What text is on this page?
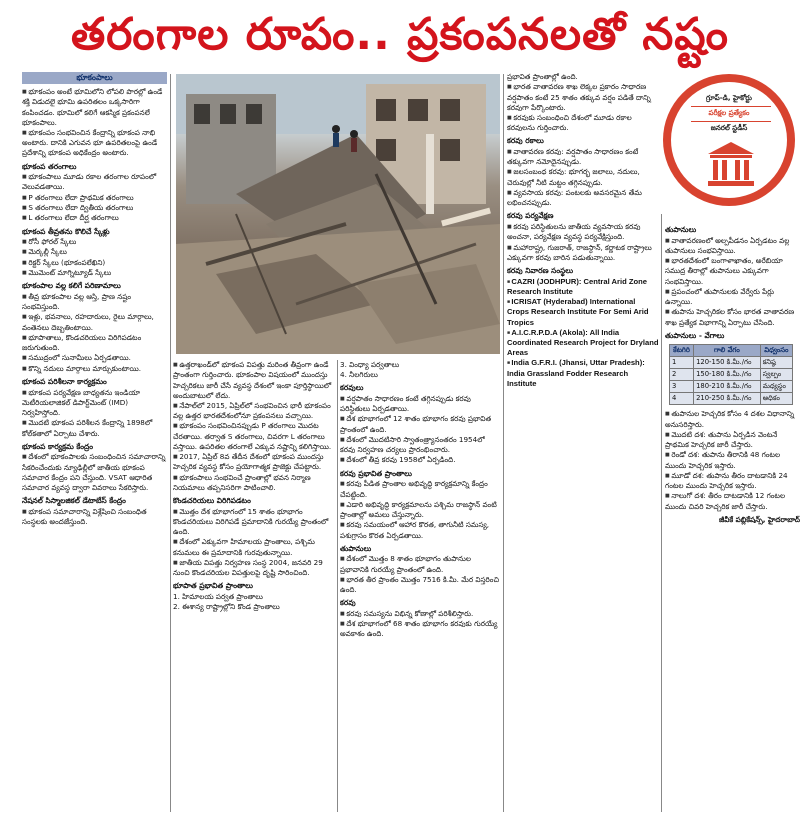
తరంగాల రూపం.. ప్రకంపనలతో నష్టం
భూకంపాలు

■ భూకంపం అంటే భూమిలోని లోపలి పొరల్లో ఉండే శక్తి విడుదలై భూమి ఉపరితలం ఒక్కసారిగా కంపించడం. భూమిలో కలిగే ఆకస్మిక ప్రకంపనలే భూకంపాలు.

■ భూకంపం సంభవించిన కేంద్రాన్ని భూకంప నాభి అంటారు. దానికి ఎగువన భూ ఉపరితలంపై ఉండే ప్రదేశాన్ని భూకంప అధికేంద్రం అంటారు.

భూకంప తరంగాలు

■ భూకంపాలు మూడు రకాల తరంగాల రూపంలో వెలువడతాయి.

■ P తరంగాలు లేదా ప్రాథమిక తరంగాలు

■ S తరంగాలు లేదా ద్వితీయ తరంగాలు

■ L తరంగాలు లేదా దీర్ఘ తరంగాలు

భూకంప తీవ్రతను కొలిచే స్కేళ్లు

■ రోసీ ఫోరల్ స్కేలు

■ మెర్కల్లీ స్కేలు

■ రిక్టర్ స్కేలు (భూకంపలేఖిని)

■ మొమెంట్ మాగ్నిట్యూడ్ స్కేలు

భూకంపాల వల్ల కలిగే పరిణామాలు

■ తీవ్ర భూకంపాల వల్ల ఆస్తి, ప్రాణ నష్టం సంభవిస్తుంది.

■ ఇళ్లు, భవనాలు, రహదారులు, రైలు మార్గాలు, వంతెనలు దెబ్బతింటాయి.

■ భూపాతాలు, కొండచరియలు విరిగిపడటం జరుగుతుంది.

■ సముద్రంలో సునామీలు ఏర్పడతాయి.

■ కొన్ని నదులు మార్గాలు మార్చుకుంటాయి.

భూకంప పరిశీలనా కార్యక్రమం

■ భూకంప పర్యవేక్షణ బాధ్యతను ఇండియా మెటీరియలాజికల్ డిపార్ట్‌మెంట్ (IMD) నిర్వహిస్తోంది.

■ మొదటి భూకంప పరిశీలన కేంద్రాన్ని 1898లో కోల్‌కతాలో ఏర్పాటు చేశారు.

భూకంప కార్యక్రమ కేంద్రం

■ దేశంలో భూకంపాలకు సంబంధించిన సమాచారాన్ని సేకరించేందుకు న్యూఢిల్లీలో జాతీయ భూకంప సమాచార కేంద్రం పని చేస్తుంది. VSAT ఆధారిత సమాచార వ్యవస్థ ద్వారా వివరాలు సేకరిస్తారు.

నేషనల్ సిస్మాలజికల్ డేటాబేస్ కేంద్రం

■ భూకంప సమాచారాన్ని విశ్లేషించి సంబంధిత సంస్థలకు అందజేస్తుంది.

■ ఉత్తరాఖండ్‌లో భూకంప విపత్తు మరింత తీవ్రంగా ఉండే ప్రాంతంగా గుర్తించారు. భూకంపాల విషయంలో ముందస్తు హెచ్చరికలు జారీ చేసే వ్యవస్థ దేశంలో ఇంకా పూర్తిస్థాయిలో అందుబాటులో లేదు.

■ నేపాల్‌లో 2015, ఏప్రిల్‌లో సంభవించిన భారీ భూకంపం వల్ల ఉత్తర భారతదేశంలోనూ ప్రకంపనలు వచ్చాయి.

■ భూకంపం సంభవించినప్పుడు P తరంగాలు మొదట చేరతాయి. తర్వాత S తరంగాలు, చివరగా L తరంగాలు వస్తాయి. ఉపరితల తరంగాలే ఎక్కువ నష్టాన్ని కలిగిస్తాయి.

■ 2017, ఏప్రిల్ 8వ తేదీన దేశంలో భూకంప ముందస్తు హెచ్చరిక వ్యవస్థ కోసం ప్రయోగాత్మక ప్రాజెక్టు చేపట్టారు.

■ భూకంపాలు సంభవించే ప్రాంతాల్లో భవన నిర్మాణ నియమాలు తప్పనిసరిగా పాటించాలి.

కొండచరియలు విరిగిపడటం

■ మొత్తం దేశ భూభాగంలో 15 శాతం భూభాగం కొండచరియలు విరిగిపడే ప్రమాదానికి గురయ్యే ప్రాంతంలో ఉంది.

■ దేశంలో ఎక్కువగా హిమాలయ ప్రాంతాలు, పశ్చిమ కనుమలు ఈ ప్రమాదానికి గురవుతున్నాయి.

■ జాతీయ విపత్తు నిర్వహణ సంస్థ 2004, జనవరి 29 నుంచి కొండచరియల విపత్తులపై దృష్టి సారించింది.

భూపాత ప్రభావిత ప్రాంతాలు

1. హిమాలయ పర్వత ప్రాంతాలు

2. ఈశాన్య రాష్ట్రాల్లోని కొండ ప్రాంతాలు

3. వింధ్యా పర్వతాలు

4. నీలగిరులు

కరవులు

■ వర్షపాతం సాధారణం కంటే తగ్గినప్పుడు కరవు పరిస్థితులు ఏర్పడతాయి.

■ దేశ భూభాగంలో 12 శాతం భూభాగం కరవు ప్రభావిత ప్రాంతంలో ఉంది.

■ దేశంలో మొదటిసారి స్వాతంత్ర్యానంతరం 1954లో కరవు నిర్వహణ చర్యలు ప్రారంభించారు.

■ దేశంలో తీవ్ర కరవు 1958లో ఏర్పడింది.

కరవు ప్రభావిత ప్రాంతాలు

■ కరవు పీడిత ప్రాంతాల అభివృద్ధి కార్యక్రమాన్ని కేంద్రం చేపట్టింది.

■ ఎడారి అభివృద్ధి కార్యక్రమాలను పశ్చిమ రాజస్థాన్ వంటి ప్రాంతాల్లో అమలు చేస్తున్నారు.

■ కరవు సమయంలో ఆహార కొరత, తాగునీటి సమస్య, పశుగ్రాసం కొరత ఏర్పడతాయి.

తుపానులు

■ దేశంలో మొత్తం 8 శాతం భూభాగం తుపానుల ప్రభావానికి గురయ్యే ప్రాంతంలో ఉంది.

■ భారత తీర ప్రాంతం మొత్తం 7516 కి.మీ. మేర విస్తరించి ఉంది.

కరవు

■ కరవు సమస్యను విభిన్న కోణాల్లో పరిశీలిస్తారు.

■ దేశ భూభాగంలో 68 శాతం భూభాగం కరవుకు గురయ్యే అవకాశం ఉంది.

ప్రభావిత ప్రాంతాల్లో ఉంది.

■ భారత వాతావరణ శాఖ లెక్కల ప్రకారం సాధారణ వర్షపాతం కంటే 25 శాతం తక్కువ వర్షం పడితే దాన్ని కరవుగా పేర్కొంటారు.

■ కరవుకు సంబంధించి దేశంలో మూడు రకాల కరవులను గుర్తించారు.

కరవు రకాలు

■ వాతావరణ కరవు: వర్షపాతం సాధారణం కంటే తక్కువగా నమోదైనప్పుడు.

■ జలసంబంధ కరవు: భూగర్భ జలాలు, నదులు, చెరువుల్లో నీటి మట్టం తగ్గినప్పుడు.

■ వ్యవసాయ కరవు: పంటలకు అవసరమైన తేమ లభించనప్పుడు.

కరవు పర్యవేక్షణ

■ కరవు పరిస్థితులను జాతీయ వ్యవసాయ కరవు అంచనా, పర్యవేక్షణ వ్యవస్థ పర్యవేక్షిస్తుంది.

■ మహారాష్ట్ర, గుజరాత్, రాజస్థాన్, కర్ణాటక రాష్ట్రాలు ఎక్కువగా కరవు బారిన పడుతున్నాయి.

కరవు నివారణ సంస్థలు

■ CAZRI (JODHPUR): Central Arid Zone Research Institute

■ ICRISAT (Hyderabad) International Crops Research Institute For Semi Arid Tropics

■ A.I.C.R.P.D.A (Akola): All India Coordinated Research Project for Dryland Areas

■ India G.F.R.I. (Jhansi, Uttar Pradesh): India Grassland Fodder Research Institute

గ్రూప్-డి, హైకోర్టు
పరీక్షల ప్రత్యేకం
జనరల్ స్టడీస్
తుపానులు

■ వాతావరణంలో అల్పపీడనం ఏర్పడటం వల్ల తుపానులు సంభవిస్తాయి.

■ భారతదేశంలో బంగాళాఖాతం, అరేబియా సముద్ర తీరాల్లో తుపానులు ఎక్కువగా సంభవిస్తాయి.

■ ప్రపంచంలో తుపానులకు వేర్వేరు పేర్లు ఉన్నాయి.

■ తుపాను హెచ్చరికల కోసం భారత వాతావరణ శాఖ ప్రత్యేక విభాగాన్ని ఏర్పాటు చేసింది.

తుపానులు - వేగాలు
కేటగిరి	గాలి వేగం	విధ్వంసం
1	120-150 కి.మీ./గం	కనిష్ఠ
2	150-180 కి.మీ./గం	స్వల్పం
3	180-210 కి.మీ./గం	మధ్యస్థం
4	210-250 కి.మీ./గం	అధికం

■ తుపానుల హెచ్చరిక కోసం 4 దశల విధానాన్ని అనుసరిస్తారు.

■ మొదటి దశ: తుపాను ఏర్పడిన వెంటనే ప్రాథమిక హెచ్చరిక జారీ చేస్తారు.

■ రెండో దశ: తుపాను తీరానికి 48 గంటల ముందు హెచ్చరిక ఇస్తారు.

■ మూడో దశ: తుపాను తీరం దాటడానికి 24 గంటల ముందు హెచ్చరిక ఇస్తారు.

■ నాలుగో దశ: తీరం దాటడానికి 12 గంటల ముందు చివరి హెచ్చరిక జారీ చేస్తారు.

జీవీకే పబ్లికేషన్స్, హైదరాబాద్
